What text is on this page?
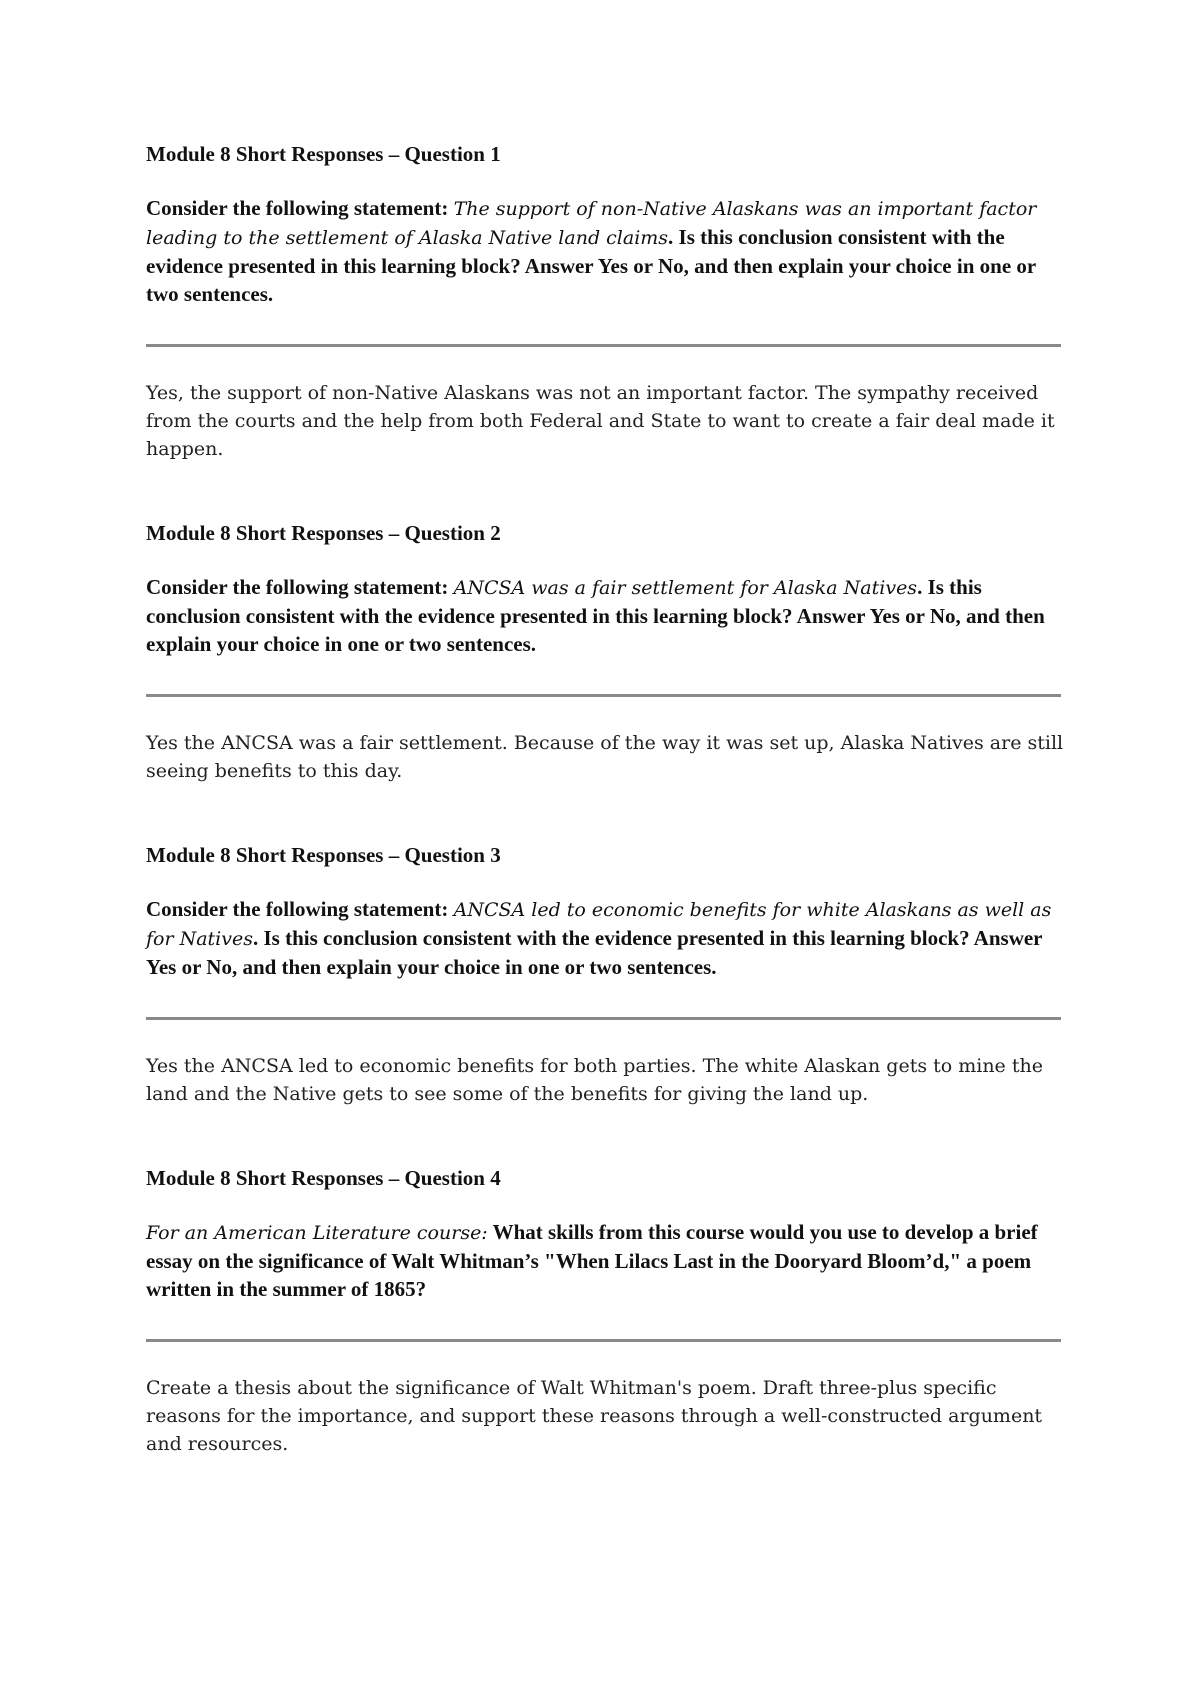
Module 8 Short Responses – Question 1

Consider the following statement: The support of non-Native Alaskans was an important factor leading to the settlement of Alaska Native land claims. Is this conclusion consistent with the evidence presented in this learning block? Answer Yes or No, and then explain your choice in one or two sentences.

Yes, the support of non-Native Alaskans was not an important factor. The sympathy received from the courts and the help from both Federal and State to want to create a fair deal made it happen.

Module 8 Short Responses – Question 2

Consider the following statement: ANCSA was a fair settlement for Alaska Natives. Is this conclusion consistent with the evidence presented in this learning block? Answer Yes or No, and then explain your choice in one or two sentences.

Yes the ANCSA was a fair settlement. Because of the way it was set up, Alaska Natives are still seeing benefits to this day.

Module 8 Short Responses – Question 3

Consider the following statement: ANCSA led to economic benefits for white Alaskans as well as for Natives. Is this conclusion consistent with the evidence presented in this learning block? Answer Yes or No, and then explain your choice in one or two sentences.

Yes the ANCSA led to economic benefits for both parties. The white Alaskan gets to mine the land and the Native gets to see some of the benefits for giving the land up.

Module 8 Short Responses – Question 4

For an American Literature course: What skills from this course would you use to develop a brief essay on the significance of Walt Whitman’s "When Lilacs Last in the Dooryard Bloom’d," a poem written in the summer of 1865?

Create a thesis about the significance of Walt Whitman's poem. Draft three-plus specific reasons for the importance, and support these reasons through a well-constructed argument and resources.
